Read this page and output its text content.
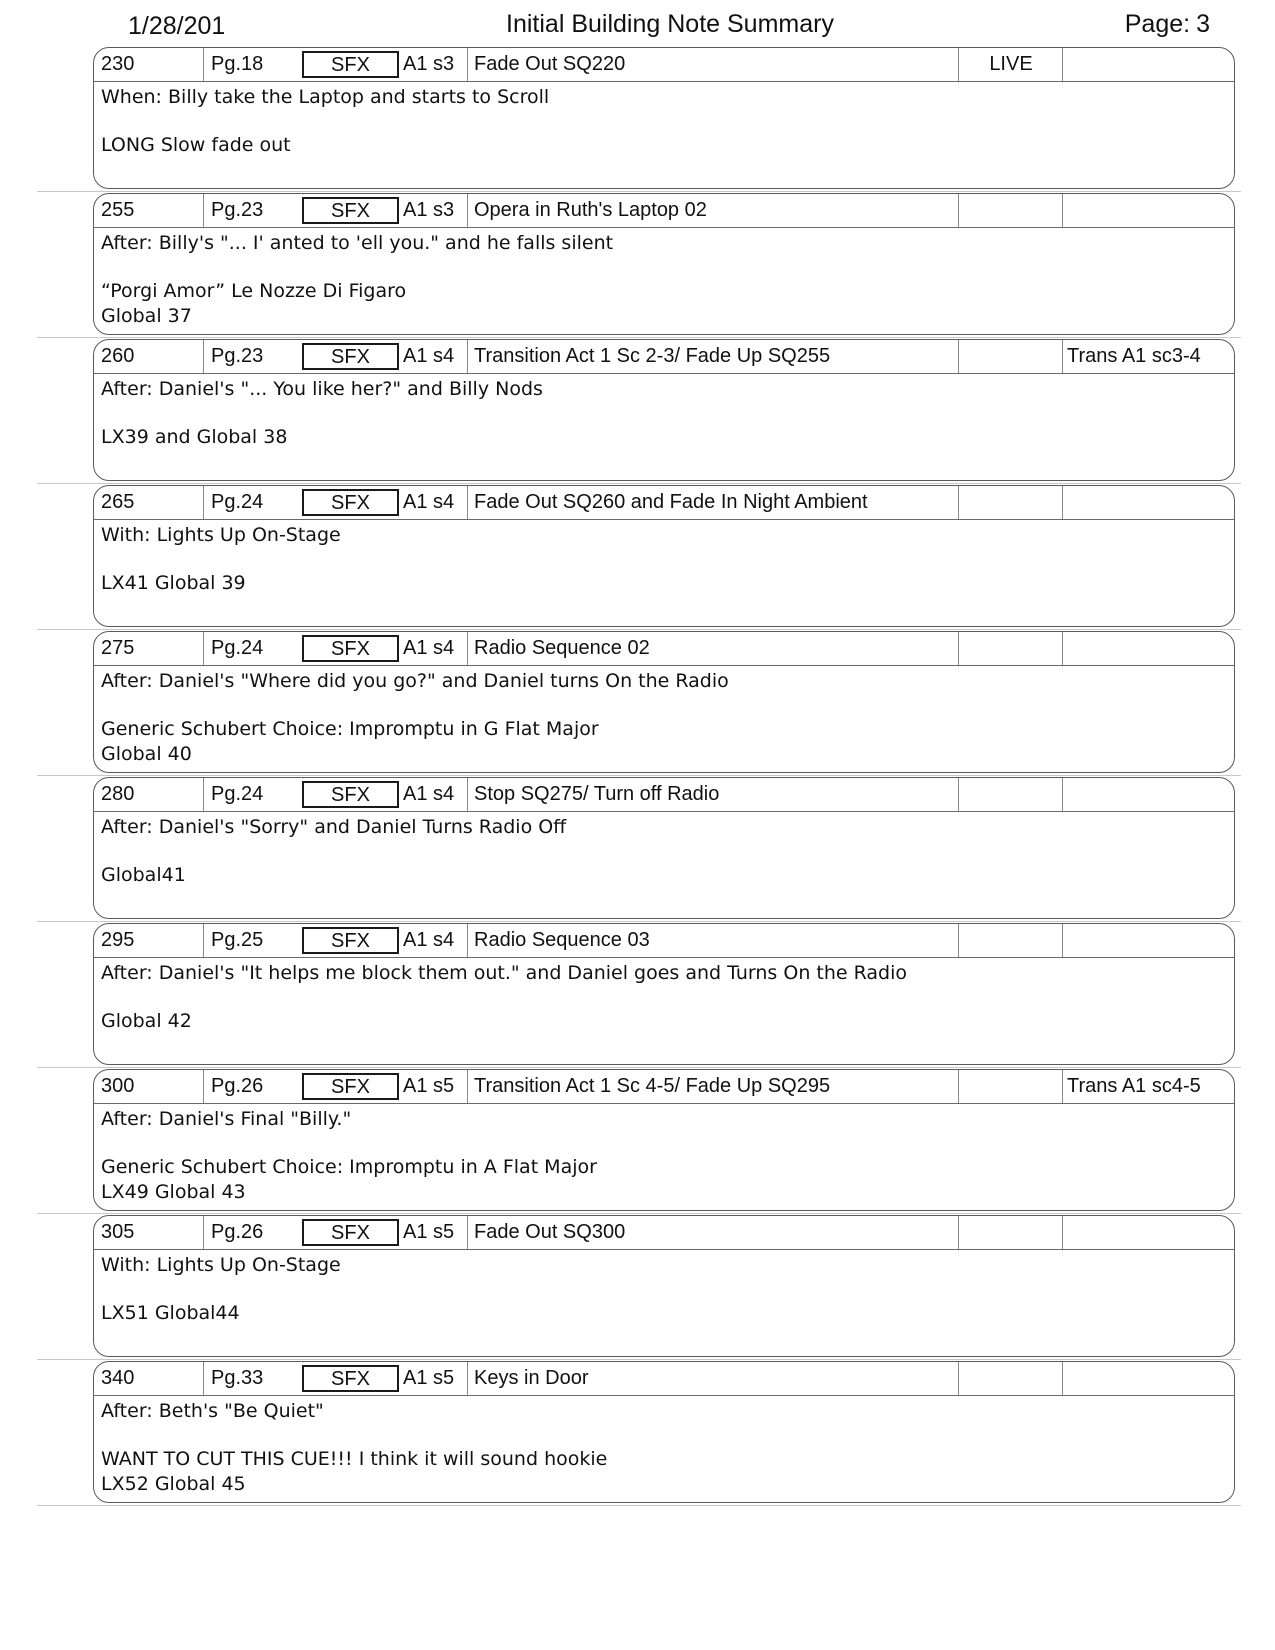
1/28/201	Initial Building Note Summary	Page: 3
230	Pg.18	SFX	A1 s3 Fade Out SQ220	LIVE
When: Billy take the Laptop and starts to Scroll
LONG Slow fade out
255	Pg.23	SFX	A1 s3 Opera in Ruth's Laptop 02
After: Billy's "... I' anted to 'ell you." and he falls silent
“Porgi Amor” Le Nozze Di Figaro
Global 37
260	Pg.23	SFX	A1 s4 Transition Act 1 Sc 2-3/ Fade Up SQ255	Trans A1 sc3-4
After: Daniel's "... You like her?" and Billy Nods
LX39 and Global 38
265	Pg.24	SFX	A1 s4 Fade Out SQ260 and Fade In Night Ambient
With: Lights Up On-Stage
LX41 Global 39
275	Pg.24	SFX	A1 s4 Radio Sequence 02
After: Daniel's "Where did you go?" and Daniel turns On the Radio
Generic Schubert Choice: Impromptu in G Flat Major
Global 40
280	Pg.24	SFX	A1 s4 Stop SQ275/ Turn off Radio
After: Daniel's "Sorry" and Daniel Turns Radio Off
Global41
295	Pg.25	SFX	A1 s4 Radio Sequence 03
After: Daniel's "It helps me block them out." and Daniel goes and Turns On the Radio
Global 42
300	Pg.26	SFX	A1 s5 Transition Act 1 Sc 4-5/ Fade Up SQ295	Trans A1 sc4-5
After: Daniel's Final "Billy."
Generic Schubert Choice: Impromptu in A Flat Major
LX49 Global 43
305	Pg.26	SFX	A1 s5 Fade Out SQ300
With: Lights Up On-Stage
LX51 Global44
340	Pg.33	SFX	A1 s5 Keys in Door
After: Beth's "Be Quiet"
WANT TO CUT THIS CUE!!! I think it will sound hookie
LX52 Global 45
